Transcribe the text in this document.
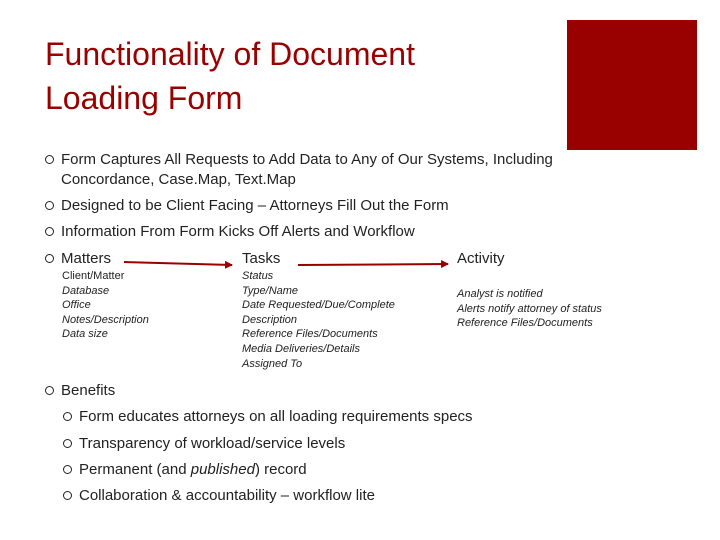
Functionality of Document
Loading Form
Form Captures All Requests to Add Data to Any of Our Systems, Including
Concordance, Case.Map, Text.Map
Designed to be Client Facing – Attorneys Fill Out the Form
Information From Form Kicks Off Alerts and Workflow
Matters	Tasks	Activity
Client/Matter
Database
Office
Notes/Description
Data size
Status
Type/Name
Date Requested/Due/Complete
Description
Reference Files/Documents
Media Deliveries/Details
Assigned To
Analyst is notified
Alerts notify attorney of status
Reference Files/Documents
Benefits
Form educates attorneys on all loading requirements specs
Transparency of workload/service levels
Permanent (and published) record
Collaboration & accountability – workflow lite
